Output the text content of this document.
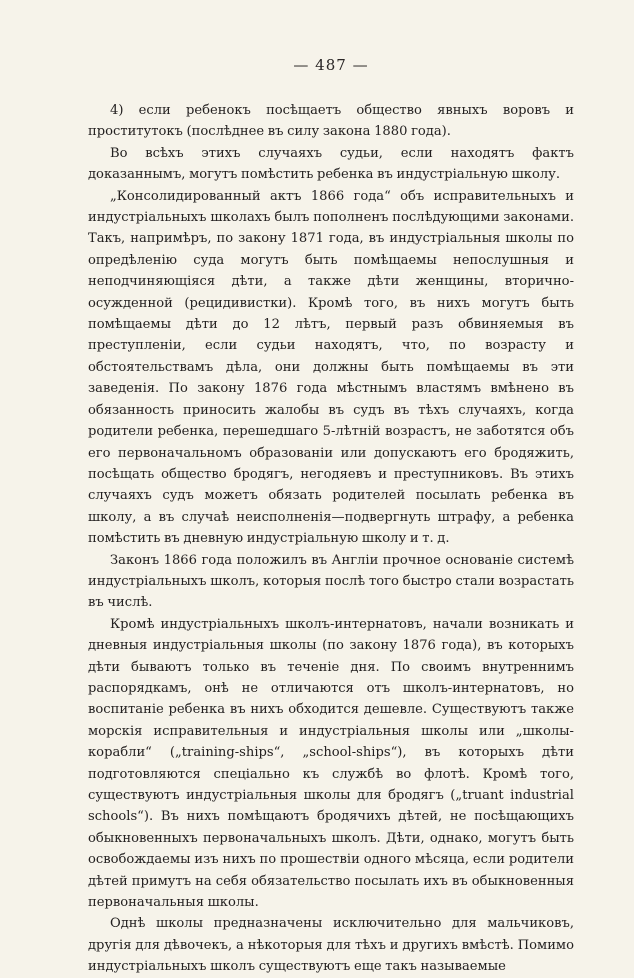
— 487 —

4) если ребенокъ посѣщаетъ общество явныхъ воровъ и проститутокъ (послѣднее въ силу закона 1880 года).

Во всѣхъ этихъ случаяхъ судьи, если находятъ фактъ доказаннымъ, могутъ помѣстить ребенка въ индустріальную школу.

„Консолидированный актъ 1866 года“ объ исправительныхъ и индустріальныхъ школахъ былъ пополненъ послѣдующими законами. Такъ, напримѣръ, по закону 1871 года, въ индустріальныя школы по опредѣленію суда могутъ быть помѣщаемы непослушныя и неподчиняющіяся дѣти, а также дѣти женщины, вторично-осужденной (рецидивистки). Кромѣ того, въ нихъ могутъ быть помѣщаемы дѣти до 12 лѣтъ, первый разъ обвиняемыя въ преступленіи, если судьи находятъ, что, по возрасту и обстоятельствамъ дѣла, они должны быть помѣщаемы въ эти заведенія. По закону 1876 года мѣстнымъ властямъ вмѣнено въ обязанность приносить жалобы въ судъ въ тѣхъ случаяхъ, когда родители ребенка, перешедшаго 5-лѣтній возрастъ, не заботятся объ его первоначальномъ образованіи или допускаютъ его бродяжить, посѣщать общество бродягъ, негодяевъ и преступниковъ. Въ этихъ случаяхъ судъ можетъ обязать родителей посылать ребенка въ школу, а въ случаѣ неисполненія—подвергнуть штрафу, а ребенка помѣстить въ дневную индустріальную школу и т. д.

Законъ 1866 года положилъ въ Англіи прочное основаніе системѣ индустріальныхъ школъ, которыя послѣ того быстро стали возрастать въ числѣ.

Кромѣ индустріальныхъ школъ-интернатовъ, начали возникать и дневныя индустріальныя школы (по закону 1876 года), въ которыхъ дѣти бываютъ только въ теченіе дня. По своимъ внутреннимъ распорядкамъ, онѣ не отличаются отъ школъ-интернатовъ, но воспитаніе ребенка въ нихъ обходится дешевле. Существуютъ также морскія исправительныя и индустріальныя школы или „школы-корабли“ („training-ships“, „school-ships“), въ которыхъ дѣти подготовляются спеціально къ службѣ во флотѣ. Кромѣ того, существуютъ индустріальныя школы для бродягъ („truant industrial schools“). Въ нихъ помѣщаютъ бродячихъ дѣтей, не посѣщающихъ обыкновенныхъ первоначальныхъ школъ. Дѣти, однако, могутъ быть освобождаемы изъ нихъ по прошествіи одного мѣсяца, если родители дѣтей примутъ на себя обязательство посылать ихъ въ обыкновенныя первоначальныя школы.

Однѣ школы предназначены исключительно для мальчиковъ, другія для дѣвочекъ, а нѣкоторыя для тѣхъ и другихъ вмѣстѣ. Помимо индустріальныхъ школъ существуютъ еще такъ называемые
